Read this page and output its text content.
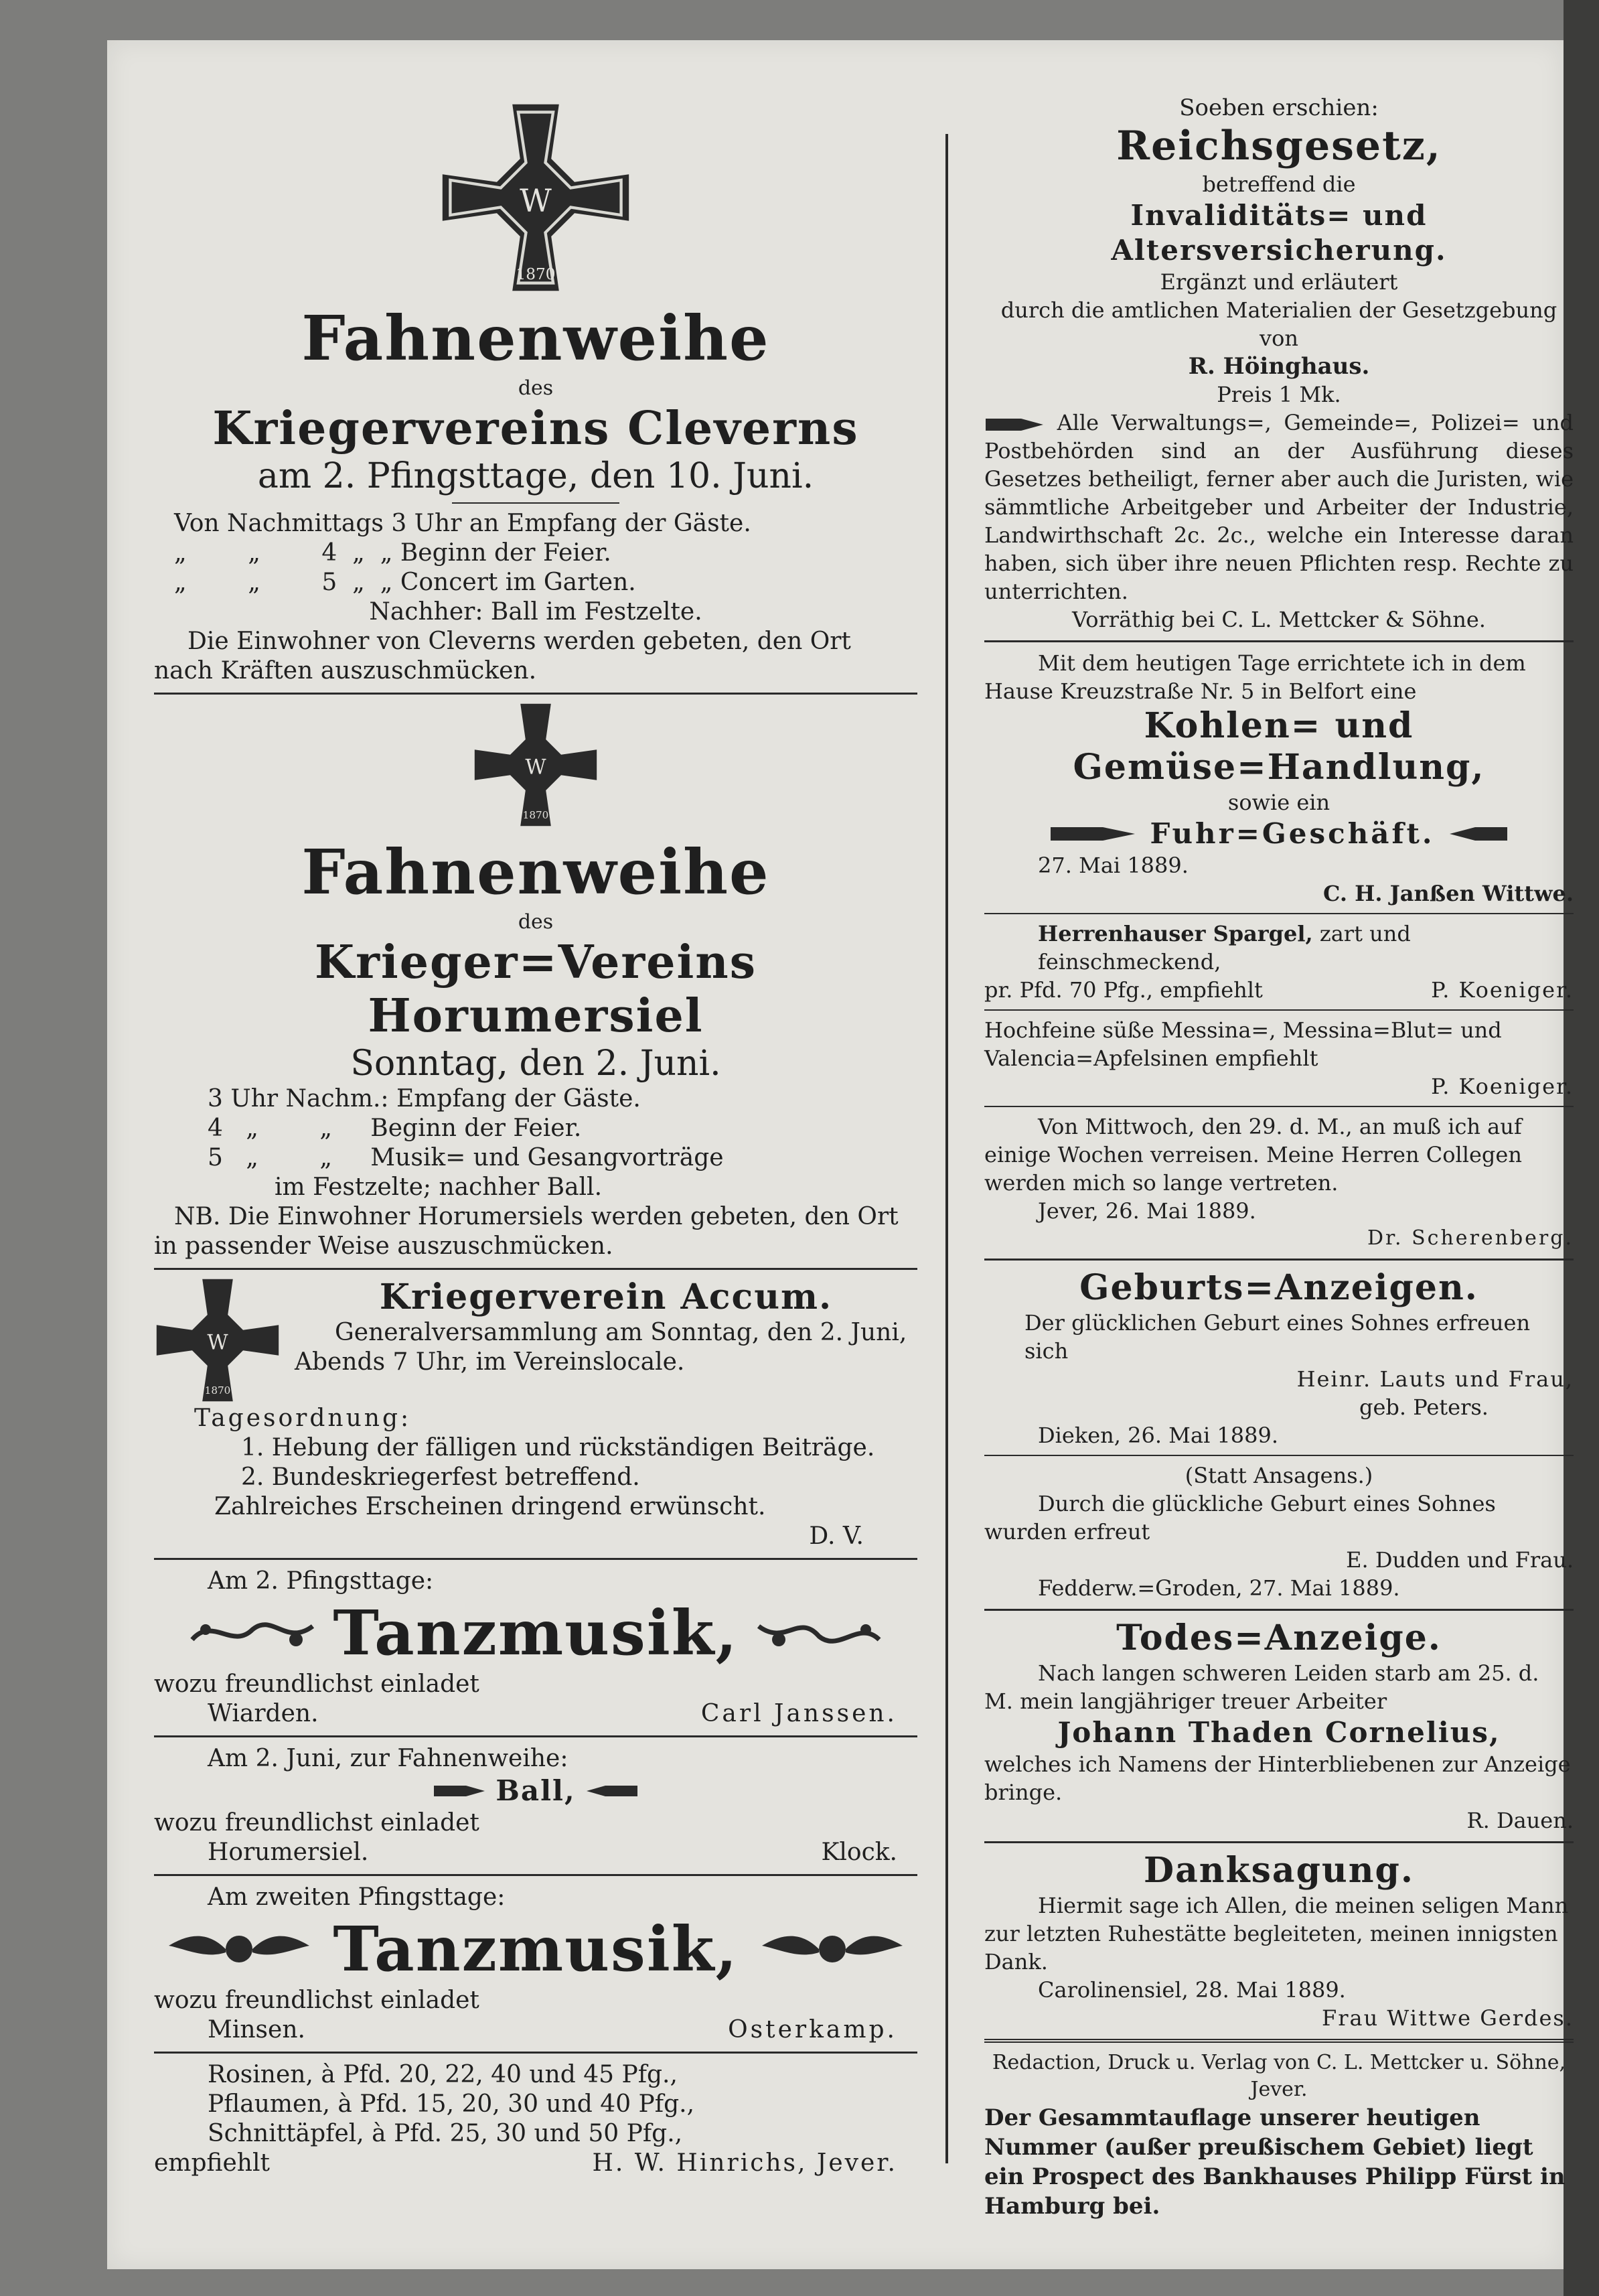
W
1870
Fahnenweihe
des
Kriegervereins Cleverns
am 2. Pfingsttage, den 10. Juni.
Von Nachmittags 3 Uhr an Empfang der Gäste.
„        „        4  „  „ Beginn der Feier.
„        „        5  „  „ Concert im Garten.
Nachher: Ball im Festzelte.
Die Einwohner von Cleverns werden gebeten, den Ort nach Kräften auszuschmücken.
W
1870
Fahnenweihe
des
Krieger=Vereins Horumersiel
Sonntag, den 2. Juni.
3 Uhr Nachm.: Empfang der Gäste.
4   „        „     Beginn der Feier.
5   „        „     Musik= und Gesangvorträge
im Festzelte; nachher Ball.
NB. Die Einwohner Horumersiels werden gebeten, den Ort in passender Weise auszuschmücken.
W
1870
Kriegerverein Accum.
Generalversammlung am Sonntag, den 2. Juni, Abends 7 Uhr, im Vereinslocale.
Tagesordnung:
1. Hebung der fälligen und rückständigen Beiträge.
2. Bundeskriegerfest betreffend.
Zahlreiches Erscheinen dringend erwünscht.
D. V.
Am 2. Pfingsttage:
Tanzmusik,
wozu freundlichst einladet
Wiarden.	Carl Janssen.
Am 2. Juni, zur Fahnenweihe:
Ball,
wozu freundlichst einladet
Horumersiel.	Klock.
Am zweiten Pfingsttage:
Tanzmusik,
wozu freundlichst einladet
Minsen.	Osterkamp.
Rosinen, à Pfd. 20, 22, 40 und 45 Pfg.,
Pflaumen, à Pfd. 15, 20, 30 und 40 Pfg.,
Schnittäpfel, à Pfd. 25, 30 und 50 Pfg.,
empfiehlt	H. W. Hinrichs, Jever.
Soeben erschien:
Reichsgesetz,
betreffend die
Invaliditäts= und Altersversicherung.
Ergänzt und erläutert
durch die amtlichen Materialien der Gesetzgebung
von
R. Höinghaus.
Preis 1 Mk.
Alle Verwaltungs=, Gemeinde=, Polizei= und Postbehörden sind an der Ausführung dieses Gesetzes betheiligt, ferner aber auch die Juristen, wie sämmtliche Arbeitgeber und Arbeiter der Industrie, Landwirthschaft 2c. 2c., welche ein Interesse daran haben, sich über ihre neuen Pflichten resp. Rechte zu unterrichten.
Vorräthig bei C. L. Mettcker & Söhne.
Mit dem heutigen Tage errichtete ich in dem Hause Kreuzstraße Nr. 5 in Belfort eine
Kohlen= und Gemüse=Handlung,
sowie ein
Fuhr=Geschäft.
27. Mai 1889.
C. H. Janßen Wittwe.
Herrenhauser Spargel, zart und feinschmeckend,
pr. Pfd. 70 Pfg., empfiehlt	P. Koeniger.
Hochfeine süße Messina=, Messina=Blut= und Valencia=Apfelsinen empfiehlt
P. Koeniger.
Von Mittwoch, den 29. d. M., an muß ich auf einige Wochen verreisen. Meine Herren Collegen werden mich so lange vertreten.
Jever, 26. Mai 1889.
Dr. Scherenberg.
Geburts=Anzeigen.
Der glücklichen Geburt eines Sohnes erfreuen sich
Heinr. Lauts und Frau,
geb. Peters.
Dieken, 26. Mai 1889.
(Statt Ansagens.)
Durch die glückliche Geburt eines Sohnes wurden erfreut
E. Dudden und Frau.
Fedderw.=Groden, 27. Mai 1889.
Todes=Anzeige.
Nach langen schweren Leiden starb am 25. d. M. mein langjähriger treuer Arbeiter
Johann Thaden Cornelius,
welches ich Namens der Hinterbliebenen zur Anzeige bringe.
R. Dauen.
Danksagung.
Hiermit sage ich Allen, die meinen seligen Mann zur letzten Ruhestätte begleiteten, meinen innigsten Dank.
Carolinensiel, 28. Mai 1889.
Frau Wittwe Gerdes.
Redaction, Druck u. Verlag von C. L. Mettcker u. Söhne, Jever.
Der Gesammtauflage unserer heutigen Nummer (außer preußischem Gebiet) liegt ein Prospect des Bankhauses Philipp Fürst in Hamburg bei.
